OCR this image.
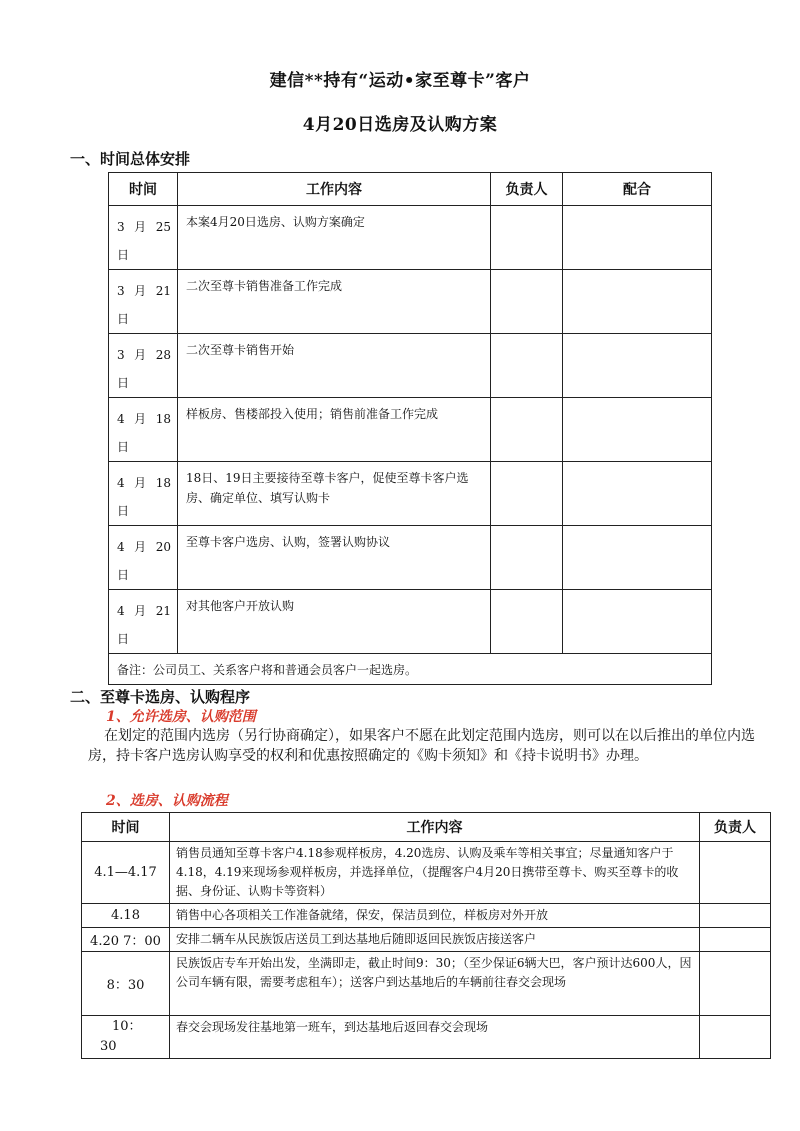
建信**持有“运动•家至尊卡”客户
4月20日选房及认购方案
一、时间总体安排
时间	工作内容	负责人	配合

3 月 25
日	本案4月20日选房、认购方案确定		

3 月 21
日	二次至尊卡销售准备工作完成		

3 月 28
日	二次至尊卡销售开始		

4 月 18
日	样板房、售楼部投入使用；销售前准备工作完成		

4 月 18
日	18日、19日主要接待至尊卡客户，促使至尊卡客户选房、确定单位、填写认购卡		

4 月 20
日	至尊卡客户选房、认购，签署认购协议		

4 月 21
日	对其他客户开放认购		
备注：公司员工、关系客户将和普通会员客户一起选房。			
二、至尊卡选房、认购程序
1、允许选房、认购范围
在划定的范围内选房（另行协商确定），如果客户不愿在此划定范围内选房，则可以在以后推出的单位内选房，持卡客户选房认购享受的权利和优惠按照确定的《购卡须知》和《持卡说明书》办理。
2、选房、认购流程
时间	工作内容	负责人
4.1—4.17	销售员通知至尊卡客户4.18参观样板房，4.20选房、认购及乘车等相关事宜；尽量通知客户于4.18，4.19来现场参观样板房，并选择单位，（提醒客户4月20日携带至尊卡、购买至尊卡的收据、身份证、认购卡等资料）	
4.18	销售中心各项相关工作准备就绪，保安，保洁员到位，样板房对外开放	
4.20 7：00	安排二辆车从民族饭店送员工到达基地后随即返回民族饭店接送客户	
8：30	民族饭店专车开始出发，坐满即走，截止时间9：30；（至少保证6辆大巴，客户预计达600人，因公司车辆有限，需要考虑租车）；送客户到达基地后的车辆前往春交会现场	

10：
30	春交会现场发往基地第一班车，到达基地后返回春交会现场	
